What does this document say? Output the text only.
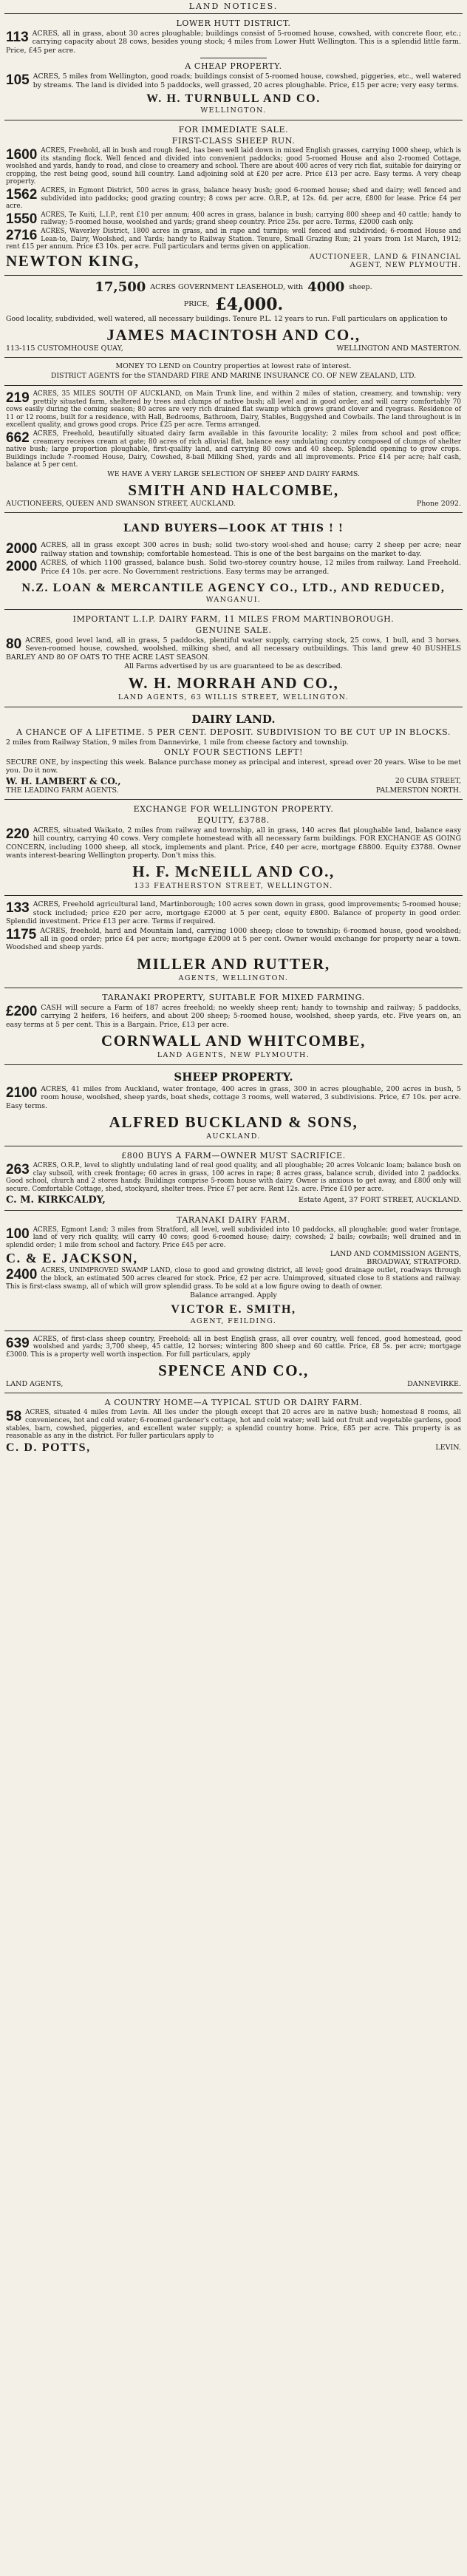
LAND NOTICES.
LOWER HUTT DISTRICT.
113 ACRES, all in grass, about 30 acres ploughable; buildings consist of 5-roomed house, cowshed, with concrete floor, etc.; carrying capacity about 28 cows, besides young stock; 4 miles from Lower Hutt Wellington. This is a splendid little farm. Price, £45 per acre.
A CHEAP PROPERTY.
105 ACRES, 5 miles from Wellington, good roads; buildings consist of 5-roomed house, cowshed, piggeries, etc., well watered by streams. The land is divided into 5 paddocks, well grassed, 20 acres ploughable. Price, £15 per acre; very easy terms.
W. H. TURNBULL AND CO.
WELLINGTON.
FOR IMMEDIATE SALE.
FIRST-CLASS SHEEP RUN.
1600 ACRES, Freehold, all in bush and rough feed, has been well laid down in mixed English grasses, carrying 1000 sheep, which is its standing flock. Well fenced and divided into convenient paddocks; good 5-roomed House and also 2-roomed Cottage, woolshed and yards, handy to road, and close to creamery and school. There are about 400 acres of very rich flat, suitable for dairying or cropping, the rest being good, sound hill country. Land adjoining sold at £20 per acre. Price £13 per acre. Easy terms. A very cheap property.
1562 ACRES, in Egmont District, 500 acres in grass, balance heavy bush; good 6-roomed house; shed and dairy; well fenced and subdivided into paddocks; good grazing country; 8 cows per acre. O.R.P., at 12s. 6d. per acre, £800 for lease. Price £4 per acre.
1550 ACRES, Te Kuiti, L.I.P., rent £10 per annum; 400 acres in grass, balance in bush; carrying 800 sheep and 40 cattle; handy to railway; 5-roomed house, woolshed and yards; grand sheep country. Price 25s. per acre. Terms, £2000 cash only.
2716 ACRES, Waverley District, 1800 acres in grass, and in rape and turnips; well fenced and subdivided; 6-roomed House and Lean-to, Dairy, Woolshed, and Yards; handy to Railway Station. Tenure, Small Grazing Run; 21 years from 1st March, 1912; rent £15 per annum. Price £3 10s. per acre. Full particulars and terms given on application.
NEWTON KING,	AUCTIONEER, LAND & FINANCIAL
AGENT, NEW PLYMOUTH.
17,500 ACRES GOVERNMENT LEASEHOLD, with 4000 sheep.
PRICE, £4,000.
Good locality, subdivided, well watered, all necessary buildings. Tenure P.L. 12 years to run. Full particulars on application to
JAMES MACINTOSH AND CO.,
113-115 CUSTOMHOUSE QUAY,	WELLINGTON AND MASTERTON.
MONEY TO LEND on Country properties at lowest rate of interest.
DISTRICT AGENTS for the STANDARD FIRE AND MARINE INSURANCE CO. OF NEW ZEALAND, LTD.
219 ACRES, 35 MILES SOUTH OF AUCKLAND, on Main Trunk line, and within 2 miles of station, creamery, and township; very prettily situated farm, sheltered by trees and clumps of native bush; all level and in good order, and will carry comfortably 70 cows easily during the coming season; 80 acres are very rich drained flat swamp which grows grand clover and ryegrass. Residence of 11 or 12 rooms, built for a residence, with Hall, Bedrooms, Bathroom, Dairy, Stables, Buggyshed and Cowbails. The land throughout is in excellent quality, and grows good crops. Price £25 per acre. Terms arranged.
662 ACRES, Freehold, beautifully situated dairy farm available in this favourite locality; 2 miles from school and post office; creamery receives cream at gate; 80 acres of rich alluvial flat, balance easy undulating country composed of clumps of shelter native bush; large proportion ploughable, first-quality land, and carrying 80 cows and 40 sheep. Splendid opening to grow crops. Buildings include 7-roomed House, Dairy, Cowshed, 8-bail Milking Shed, yards and all improvements. Price £14 per acre; half cash, balance at 5 per cent.
WE HAVE A VERY LARGE SELECTION OF SHEEP AND DAIRY FARMS.
SMITH AND HALCOMBE,
AUCTIONEERS, QUEEN AND SWANSON STREET, AUCKLAND.	Phone 2092.
LAND BUYERS—LOOK AT THIS ! !
2000 ACRES, all in grass except 300 acres in bush; solid two-story wool-shed and house; carry 2 sheep per acre; near railway station and township; comfortable homestead. This is one of the best bargains on the market to-day.
2000 ACRES, of which 1100 grassed, balance bush. Solid two-storey country house, 12 miles from railway. Land Freehold. Price £4 10s. per acre. No Government restrictions. Easy terms may be arranged.
N.Z. LOAN & MERCANTILE AGENCY CO., LTD., AND REDUCED,
WANGANUI.
IMPORTANT L.I.P. DAIRY FARM, 11 MILES FROM MARTINBOROUGH.
GENUINE SALE.
80 ACRES, good level land, all in grass, 5 paddocks, plentiful water supply, carrying stock, 25 cows, 1 bull, and 3 horses. Seven-roomed house, cowshed, woolshed, milking shed, and all necessary outbuildings. This land grew 40 BUSHELS BARLEY AND 80 OF OATS TO THE ACRE LAST SEASON.
All Farms advertised by us are guaranteed to be as described.
W. H. MORRAH AND CO.,
LAND AGENTS, 63 WILLIS STREET, WELLINGTON.
DAIRY LAND.
A CHANCE OF A LIFETIME. 5 PER CENT. DEPOSIT. SUBDIVISION TO BE CUT UP IN BLOCKS.
2 miles from Railway Station, 9 miles from Dannevirke, 1 mile from cheese factory and township.
ONLY FOUR SECTIONS LEFT!
SECURE ONE, by inspecting this week. Balance purchase money as principal and interest, spread over 20 years. Wise to be met you. Do it now.
W. H. LAMBERT & CO.,	20 CUBA STREET,
THE LEADING FARM AGENTS.	PALMERSTON NORTH.
EXCHANGE FOR WELLINGTON PROPERTY.
EQUITY, £3788.
220 ACRES, situated Waikato, 2 miles from railway and township, all in grass, 140 acres flat ploughable land, balance easy hill country, carrying 40 cows. Very complete homestead with all necessary farm buildings. FOR EXCHANGE AS GOING CONCERN, including 1000 sheep, all stock, implements and plant. Price, £40 per acre, mortgage £8800. Equity £3788. Owner wants interest-bearing Wellington property. Don't miss this.
H. F. McNEILL AND CO.,
133 FEATHERSTON STREET, WELLINGTON.
133 ACRES, Freehold agricultural land, Martinborough; 100 acres sown down in grass, good improvements; 5-roomed house; stock included; price £20 per acre, mortgage £2000 at 5 per cent, equity £800. Balance of property in good order. Splendid investment. Price £13 per acre. Terms if required.
1175 ACRES, freehold, hard and Mountain land, carrying 1000 sheep; close to township; 6-roomed house, good woolshed; all in good order; price £4 per acre; mortgage £2000 at 5 per cent. Owner would exchange for property near a town. Woodshed and sheep yards.
MILLER AND RUTTER,
AGENTS, WELLINGTON.
TARANAKI PROPERTY, SUITABLE FOR MIXED FARMING.
£200 CASH will secure a Farm of 187 acres freehold; no weekly sheep rent; handy to township and railway; 5 paddocks, carrying 2 heifers, 16 heifers, and about 200 sheep; 5-roomed house, woolshed, sheep yards, etc. Five years on, an easy terms at 5 per cent. This is a Bargain. Price, £13 per acre.
CORNWALL AND WHITCOMBE,
LAND AGENTS, NEW PLYMOUTH.
SHEEP PROPERTY.
2100 ACRES, 41 miles from Auckland, water frontage, 400 acres in grass, 300 in acres ploughable, 200 acres in bush, 5 room house, woolshed, sheep yards, boat sheds, cottage 3 rooms, well watered, 3 subdivisions. Price, £7 10s. per acre. Easy terms.
ALFRED BUCKLAND & SONS,
AUCKLAND.
£800 BUYS A FARM—OWNER MUST SACRIFICE.
263 ACRES, O.R.P., level to slightly undulating land of real good quality, and all ploughable; 20 acres Volcanic loam; balance bush on clay subsoil, with creek frontage; 60 acres in grass, 100 acres in rape; 8 acres grass, balance scrub, divided into 2 paddocks. Good school, church and 2 stores handy. Buildings comprise 5-room house with dairy. Owner is anxious to get away, and £800 only will secure. Comfortable Cottage, shed, stockyard, shelter trees. Price £7 per acre. Rent 12s. acre. Price £10 per acre.
C. M. KIRKCALDY,	Estate Agent, 37 FORT STREET, AUCKLAND.
TARANAKI DAIRY FARM.
100 ACRES, Egmont Land; 3 miles from Stratford, all level, well subdivided into 10 paddocks, all ploughable; good water frontage, land of very rich quality, will carry 40 cows; good 6-roomed house; dairy; cowshed; 2 bails; cowbails; well drained and in splendid order; 1 mile from school and factory. Price £45 per acre.
C. & E. JACKSON,	LAND AND COMMISSION AGENTS,
BROADWAY, STRATFORD.
2400 ACRES, UNIMPROVED SWAMP LAND, close to good and growing district, all level; good drainage outlet, roadways through the block, an estimated 500 acres cleared for stock. Price, £2 per acre. Unimproved, situated close to 8 stations and railway. This is first-class swamp, all of which will grow splendid grass. To be sold at a low figure owing to death of owner.
Balance arranged. Apply
VICTOR E. SMITH,
AGENT, FEILDING.
639 ACRES, of first-class sheep country, Freehold; all in best English grass, all over country, well fenced, good homestead, good woolshed and yards; 3,700 sheep, 45 cattle, 12 horses; wintering 800 sheep and 60 cattle. Price, £8 5s. per acre; mortgage £3000. This is a property well worth inspection. For full particulars, apply
SPENCE AND CO.,
LAND AGENTS,	DANNEVIRKE.
A COUNTRY HOME—A TYPICAL STUD OR DAIRY FARM.
58 ACRES, situated 4 miles from Levin. All lies under the plough except that 20 acres are in native bush; homestead 8 rooms, all conveniences, hot and cold water; 6-roomed gardener's cottage, hot and cold water; well laid out fruit and vegetable gardens, good stables, barn, cowshed, piggeries, and excellent water supply; a splendid country home. Price, £85 per acre. This property is as reasonable as any in the district. For fuller particulars apply to
C. D. POTTS,	LEVIN.
